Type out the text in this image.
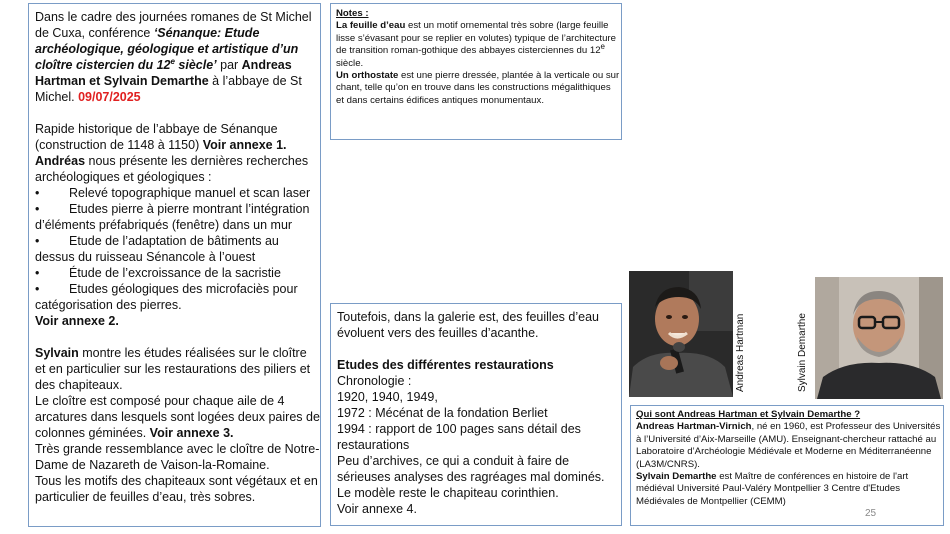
Dans le cadre des journées romanes de St Michel de Cuxa, conférence ‘Sénanque: Etude archéologique, géologique et artistique d’un cloître cistercien du 12e siècle’ par Andreas Hartman et Sylvain Demarthe à l’abbaye de St Michel. 09/07/2025

Rapide historique de l’abbaye de Sénanque (construction de 1148 à 1150) Voir annexe 1.

Andréas nous présente les dernières recherches archéologiques et géologiques :

• Relevé topographique manuel et scan laser
• Etudes pierre à pierre montrant l’intégration d’éléments préfabriqués (fenêtre) dans un mur
• Etude de l’adaptation de bâtiments au dessus du ruisseau Sénancole à l’ouest
• Étude de l’excroissance de la sacristie
• Etudes géologiques des microfaciès pour catégorisation des pierres.

Voir annexe 2.

Sylvain montre les études réalisées sur le cloître et en particulier sur les restaurations des piliers et des chapiteaux.

Le cloître est composé pour chaque aile de 4 arcatures dans lesquels sont logées deux paires de colonnes géminées. Voir annexe 3.

Très grande ressemblance avec le cloître de Notre-Dame de Nazareth de Vaison-la-Romaine.

Tous les motifs des chapiteaux sont végétaux et en particulier de feuilles d’eau, très sobres.

Notes :

La feuille d’eau est un motif ornemental très sobre (large feuille lisse s’évasant pour se replier en volutes) typique de l’architecture de transition roman-gothique des abbayes cisterciennes du 12e siècle.

Un orthostate est une pierre dressée, plantée à la verticale ou sur chant, telle qu’on en trouve dans les constructions mégalithiques et dans certains édifices antiques monumentaux.

Toutefois, dans la galerie est, des feuilles d’eau évoluent vers des feuilles d’acanthe.

Etudes des différentes restaurations

Chronologie :

1920, 1940, 1949,

1972 : Mécénat de la fondation Berliet

1994 : rapport de 100 pages sans détail des restaurations

Peu d’archives, ce qui a conduit à faire de sérieuses analyses des ragréages mal dominés.

Le modèle reste le chapiteau corinthien.

Voir annexe 4.

Andreas Hartman	Sylvain Demarthe

Qui sont Andreas Hartman et Sylvain Demarthe ?

Andreas Hartman-Virnich, né en 1960, est Professeur des Universités à l’Université d’Aix-Marseille (AMU). Enseignant-chercheur rattaché au Laboratoire d’Archéologie Médiévale et Moderne en Méditerranéenne (LA3M/CNRS).

Sylvain Demarthe est Maître de conférences en histoire de l'art médiéval Université Paul-Valéry Montpellier 3 Centre d'Etudes Médiévales de Montpellier (CEMM)

25
